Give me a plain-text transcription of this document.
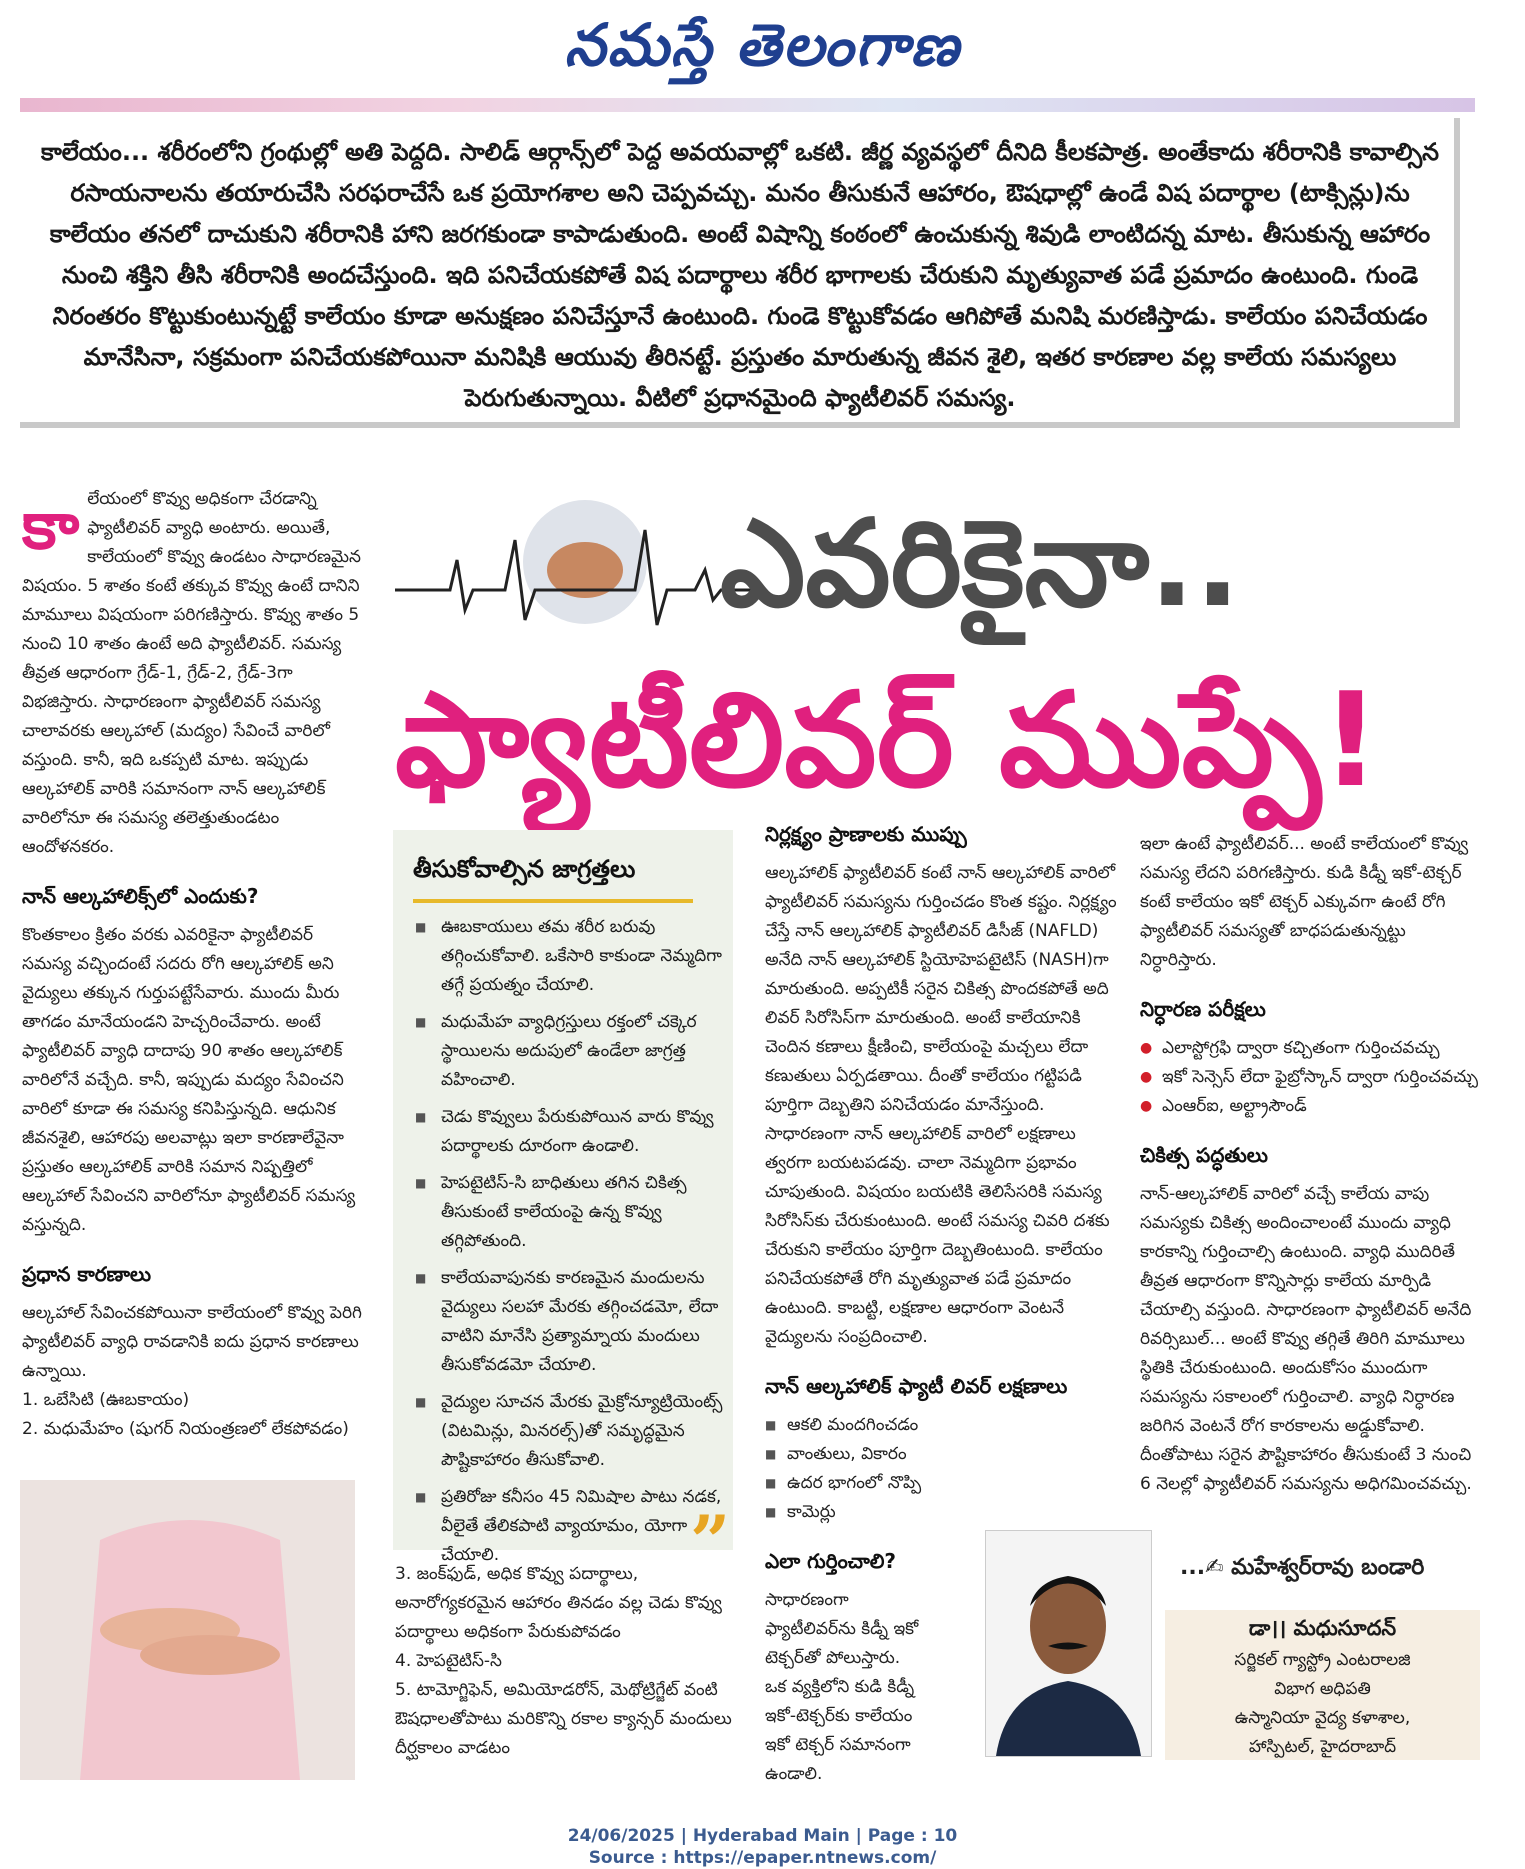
నమస్తే తెలంగాణ

కాలేయం... శరీరంలోని గ్రంథుల్లో అతి పెద్దది. సాలిడ్ ఆర్గాన్స్‌లో పెద్ద అవయవాల్లో ఒకటి. జీర్ణ వ్యవస్థలో దీనిది కీలకపాత్ర. అంతేకాదు శరీరానికి కావాల్సిన రసాయనాలను తయారుచేసి సరఫరాచేసే ఒక ప్రయోగశాల అని చెప్పవచ్చు. మనం తీసుకునే ఆహారం, ఔషధాల్లో ఉండే విష పదార్థాల (టాక్సిన్లు)ను కాలేయం తనలో దాచుకుని శరీరానికి హాని జరగకుండా కాపాడుతుంది. అంటే విషాన్ని కంఠంలో ఉంచుకున్న శివుడి లాంటిదన్న మాట. తీసుకున్న ఆహారం నుంచి శక్తిని తీసి శరీరానికి అందచేస్తుంది. ఇది పనిచేయకపోతే విష పదార్థాలు శరీర భాగాలకు చేరుకుని మృత్యువాత పడే ప్రమాదం ఉంటుంది. గుండె నిరంతరం కొట్టుకుంటున్నట్టే కాలేయం కూడా అనుక్షణం పనిచేస్తూనే ఉంటుంది. గుండె కొట్టుకోవడం ఆగిపోతే మనిషి మరణిస్తాడు. కాలేయం పనిచేయడం మానేసినా, సక్రమంగా పనిచేయకపోయినా మనిషికి ఆయువు తీరినట్టే. ప్రస్తుతం మారుతున్న జీవన శైలి, ఇతర కారణాల వల్ల కాలేయ సమస్యలు పెరుగుతున్నాయి. వీటిలో ప్రధానమైంది ఫ్యాటీలివర్ సమస్య.

ఎవరికైనా..
ఫ్యాటీలివర్ ముప్పే!
కా లేయంలో కొవ్వు అధికంగా చేరడాన్ని ఫ్యాటీలివర్ వ్యాధి అంటారు. అయితే, కాలేయంలో కొవ్వు ఉండటం సాధారణమైన విషయం. 5 శాతం కంటే తక్కువ కొవ్వు ఉంటే దానిని మామూలు విషయంగా పరిగణిస్తారు. కొవ్వు శాతం 5 నుంచి 10 శాతం ఉంటే అది ఫ్యాటీలివర్. సమస్య తీవ్రత ఆధారంగా గ్రేడ్-1, గ్రేడ్-2, గ్రేడ్-3గా విభజిస్తారు. సాధారణంగా ఫ్యాటీలివర్ సమస్య చాలావరకు ఆల్కహాల్ (మద్యం) సేవించే వారిలో వస్తుంది. కానీ, ఇది ఒకప్పటి మాట. ఇప్పుడు ఆల్కహాలిక్ వారికి సమానంగా నాన్ ఆల్కహాలిక్ వారిలోనూ ఈ సమస్య తలెత్తుతుండటం ఆందోళనకరం.

నాన్ ఆల్కహాలిక్స్‌లో ఎందుకు?

కొంతకాలం క్రితం వరకు ఎవరికైనా ఫ్యాటీలివర్ సమస్య వచ్చిందంటే సదరు రోగి ఆల్కహాలిక్ అని వైద్యులు తక్కున గుర్తుపట్టేసేవారు. ముందు మీరు తాగడం మానేయండని హెచ్చరించేవారు. అంటే ఫ్యాటీలివర్ వ్యాధి దాదాపు 90 శాతం ఆల్కహాలిక్ వారిలోనే వచ్చేది. కానీ, ఇప్పుడు మద్యం సేవించని వారిలో కూడా ఈ సమస్య కనిపిస్తున్నది. ఆధునిక జీవనశైలి, ఆహారపు అలవాట్లు ఇలా కారణాలేవైనా ప్రస్తుతం ఆల్కహాలిక్ వారికి సమాన నిష్పత్తిలో ఆల్కహాల్ సేవించని వారిలోనూ ఫ్యాటీలివర్ సమస్య వస్తున్నది.

ప్రధాన కారణాలు

ఆల్కహాల్ సేవించకపోయినా కాలేయంలో కొవ్వు పెరిగి ఫ్యాటీలివర్ వ్యాధి రావడానికి ఐదు ప్రధాన కారణాలు ఉన్నాయి.

1. ఒబేసిటి (ఊబకాయం)

2. మధుమేహం (షుగర్ నియంత్రణలో లేకపోవడం)

తీసుకోవాల్సిన జాగ్రత్తలు
■ ఊబకాయులు తమ శరీర బరువు తగ్గించుకోవాలి. ఒకేసారి కాకుండా నెమ్మదిగా తగ్గే ప్రయత్నం చేయాలి.
■ మధుమేహ వ్యాధిగ్రస్తులు రక్తంలో చక్కెర స్థాయిలను అదుపులో ఉండేలా జాగ్రత్త వహించాలి.
■ చెడు కొవ్వులు పేరుకుపోయిన వారు కొవ్వు పదార్థాలకు దూరంగా ఉండాలి.
■ హెపటైటిస్-సి బాధితులు తగిన చికిత్స తీసుకుంటే కాలేయంపై ఉన్న కొవ్వు తగ్గిపోతుంది.
■ కాలేయవాపునకు కారణమైన మందులను వైద్యులు సలహా మేరకు తగ్గించడమో, లేదా వాటిని మానేసి ప్రత్యామ్నాయ మందులు తీసుకోవడమో చేయాలి.
■ వైద్యుల సూచన మేరకు మైక్రోన్యూట్రియెంట్స్ (విటమిన్లు, మినరల్స్)తో సమృద్ధమైన పౌష్టికాహారం తీసుకోవాలి.
■ ప్రతిరోజు కనీసం 45 నిమిషాల పాటు నడక, వీలైతే తేలికపాటి వ్యాయామం, యోగా చేయాలి.	”
3. జంక్‌ఫుడ్, అధిక కొవ్వు పదార్థాలు, అనారోగ్యకరమైన ఆహారం తినడం వల్ల చెడు కొవ్వు పదార్థాలు అధికంగా పేరుకుపోవడం
4. హెపటైటిస్-సి
5. టామోగ్జిఫెన్, అమియోడరోన్, మెథోట్రిగ్జేట్ వంటి ఔషధాలతోపాటు మరికొన్ని రకాల క్యాన్సర్ మందులు దీర్ఘకాలం వాడటం
నిర్లక్ష్యం ప్రాణాలకు ముప్పు

ఆల్కహాలిక్ ఫ్యాటీలివర్ కంటే నాన్ ఆల్కహాలిక్ వారిలో ఫ్యాటీలివర్ సమస్యను గుర్తించడం కొంత కష్టం. నిర్లక్ష్యం చేస్తే నాన్ ఆల్కహాలిక్ ఫ్యాటీలివర్ డిసీజ్ (NAFLD) అనేది నాన్ ఆల్కహాలిక్ స్టియోహెపటైటిస్ (NASH)గా మారుతుంది. అప్పటికీ సరైన చికిత్స పొందకపోతే అది లివర్ సిరోసిస్‌గా మారుతుంది. అంటే కాలేయానికి చెందిన కణాలు క్షీణించి, కాలేయంపై మచ్చలు లేదా కణుతులు ఏర్పడతాయి. దీంతో కాలేయం గట్టిపడి పూర్తిగా దెబ్బతిని పనిచేయడం మానేస్తుంది. సాధారణంగా నాన్ ఆల్కహాలిక్ వారిలో లక్షణాలు త్వరగా బయటపడవు. చాలా నెమ్మదిగా ప్రభావం చూపుతుంది. విషయం బయటికి తెలిసేసరికి సమస్య సిరోసిస్‌కు చేరుకుంటుంది. అంటే సమస్య చివరి దశకు చేరుకుని కాలేయం పూర్తిగా దెబ్బతింటుంది. కాలేయం పనిచేయకపోతే రోగి మృత్యువాత పడే ప్రమాదం ఉంటుంది. కాబట్టి, లక్షణాల ఆధారంగా వెంటనే వైద్యులను సంప్రదించాలి.

నాన్ ఆల్కహాలిక్ ఫ్యాటీ లివర్ లక్షణాలు
■ ఆకలి మందగించడం
■ వాంతులు, వికారం
■ ఉదర భాగంలో నొప్పి
■ కామెర్లు
ఎలా గుర్తించాలి?

సాధారణంగా ఫ్యాటీలివర్‌ను కిడ్నీ ఇకో టెక్చర్‌తో పోలుస్తారు. ఒక వ్యక్తిలోని కుడి కిడ్నీ ఇకో-టెక్చర్‌కు కాలేయం ఇకో టెక్చర్ సమానంగా ఉండాలి.

ఇలా ఉంటే ఫ్యాటీలివర్... అంటే కాలేయంలో కొవ్వు సమస్య లేదని పరిగణిస్తారు. కుడి కిడ్నీ ఇకో-టెక్చర్ కంటే కాలేయం ఇకో టెక్చర్ ఎక్కువగా ఉంటే రోగి ఫ్యాటీలివర్ సమస్యతో బాధపడుతున్నట్టు నిర్ధారిస్తారు.

నిర్ధారణ పరీక్షలు
● ఎలాస్టోగ్రఫి ద్వారా కచ్చితంగా గుర్తించవచ్చు
● ఇకో సెన్సెస్ లేదా ఫైబ్రోస్కాన్ ద్వారా గుర్తించవచ్చు
● ఎంఆర్ఐ, అల్ట్రాసౌండ్
చికిత్స పద్ధతులు

నాన్-ఆల్కహాలిక్ వారిలో వచ్చే కాలేయ వాపు సమస్యకు చికిత్స అందించాలంటే ముందు వ్యాధి కారకాన్ని గుర్తించాల్సి ఉంటుంది. వ్యాధి ముదిరితే తీవ్రత ఆధారంగా కొన్నిసార్లు కాలేయ మార్పిడి చేయాల్సి వస్తుంది. సాధారణంగా ఫ్యాటీలివర్ అనేది రివర్సిబుల్... అంటే కొవ్వు తగ్గితే తిరిగి మామూలు స్థితికి చేరుకుంటుంది. అందుకోసం ముందుగా సమస్యను సకాలంలో గుర్తించాలి. వ్యాధి నిర్ధారణ జరిగిన వెంటనే రోగ కారకాలను అడ్డుకోవాలి. దీంతోపాటు సరైన పౌష్టికాహారం తీసుకుంటే 3 నుంచి 6 నెలల్లో ఫ్యాటీలివర్ సమస్యను అధిగమించవచ్చు.

...✍ మహేశ్వర్‌రావు బండారి
డా।। మధుసూదన్
సర్జికల్ గ్యాస్ట్రో ఎంటరాలజి
విభాగ అధిపతి
ఉస్మానియా వైద్య కళాశాల,
హాస్పిటల్, హైదరాబాద్
24/06/2025 | Hyderabad Main | Page : 10
Source : https://epaper.ntnews.com/
